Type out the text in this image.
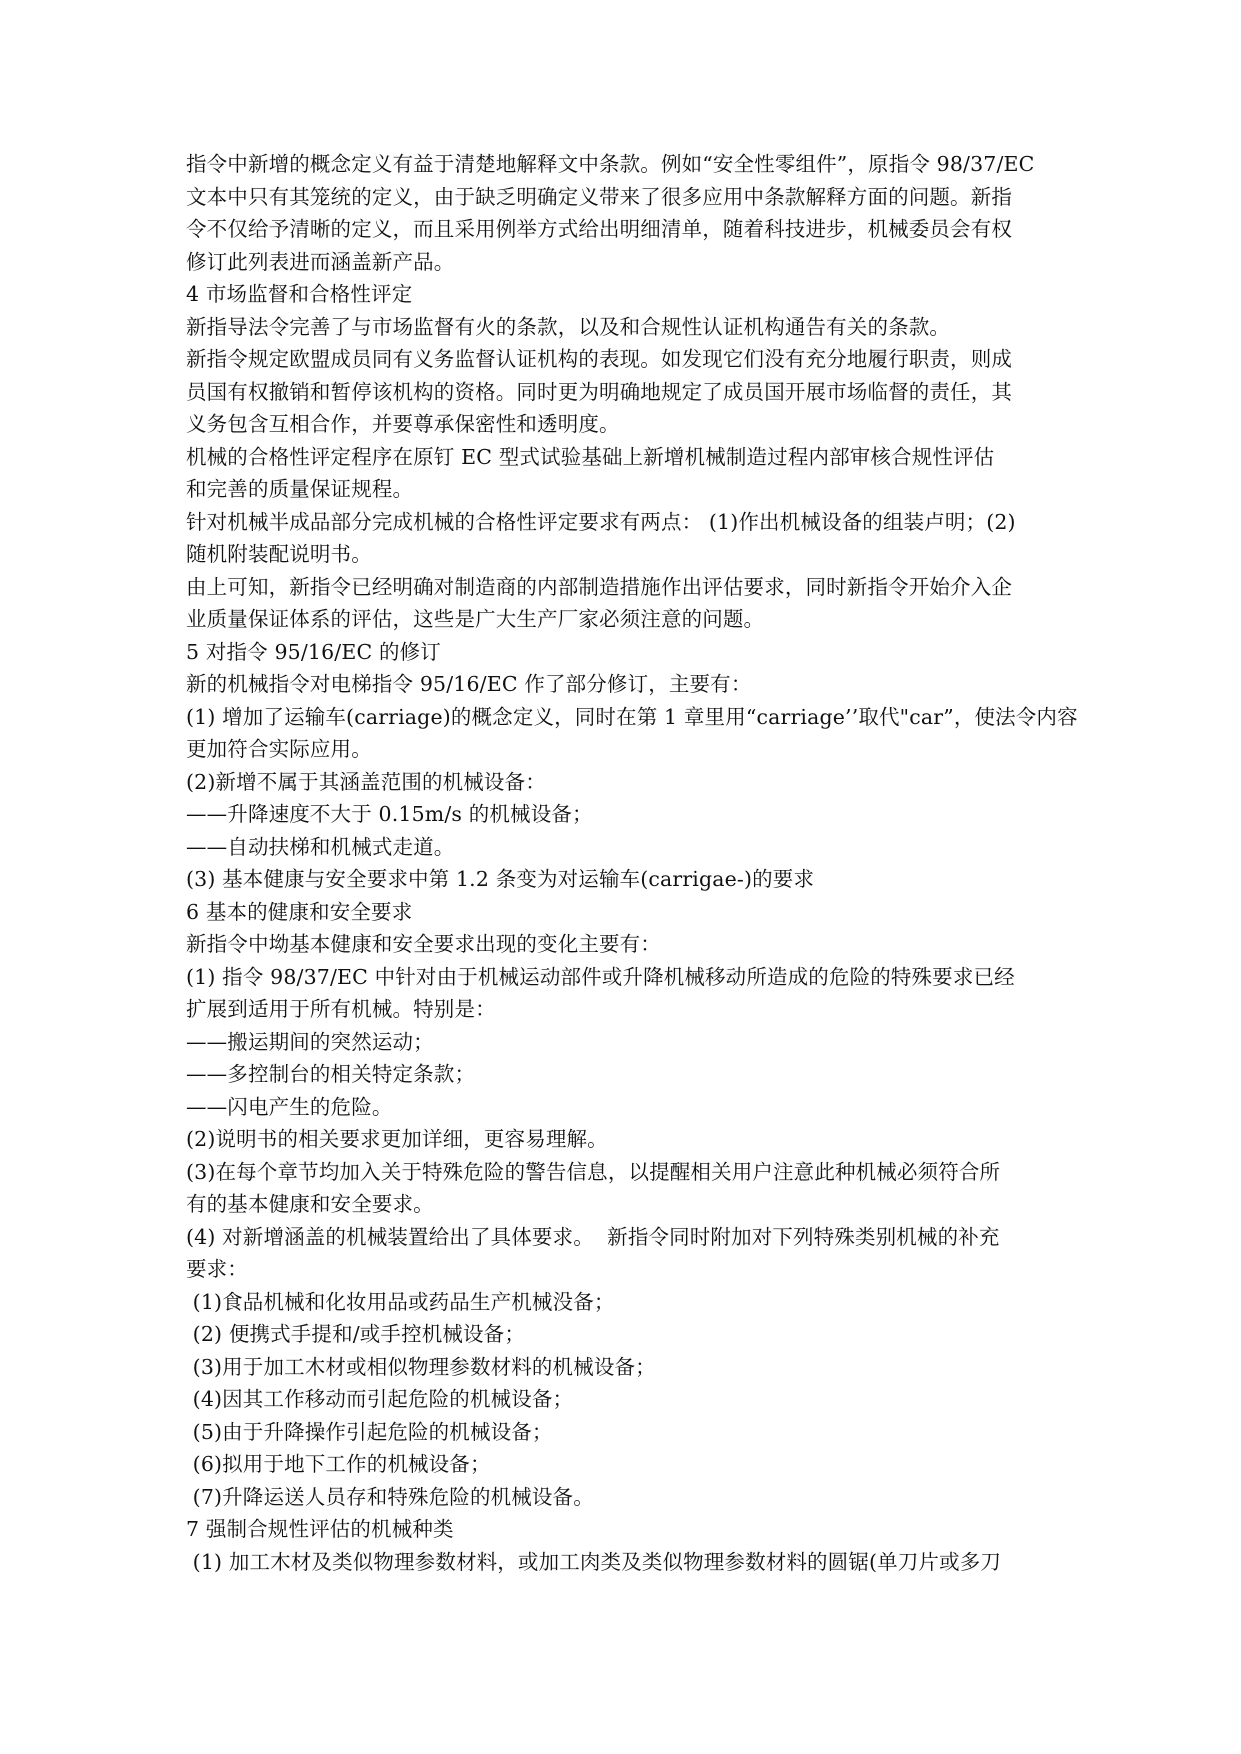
指令中新增的概念定义有益于清楚地解释文中条款。例如“安全性零组件”，原指令 98/37/EC
文本中只有其笼统的定义，由于缺乏明确定义带来了很多应用中条款解释方面的问题。新指
令不仅给予清晰的定义，而且采用例举方式给出明细清单，随着科技进步，机械委员会有权
修订此列表进而涵盖新产品。
4 市场监督和合格性评定
新指导法令完善了与市场监督有火的条款，以及和合规性认证机构通告有关的条款。
新指令规定欧盟成员同有义务监督认证机构的表现。如发现它们没有充分地履行职责，则成
员国有权撤销和暂停该机构的资格。同时更为明确地规定了成员国开展市场临督的责任，其
义务包含互相合作，并要尊承保密性和透明度。
机械的合格性评定程序在原钉 EC 型式试验基础上新增机械制造过程内部审核合规性评估
和完善的质量保证规程。
针对机械半成品部分完成机械的合格性评定要求有两点： (1)作出机械设备的组装卢明；(2)
随机附装配说明书。
由上可知，新指令已经明确对制造商的内部制造措施作出评估要求，同时新指令开始介入企
业质量保证体系的评估，这些是广大生产厂家必须注意的问题。
5 对指令 95/16/EC 的修订
新的机械指令对电梯指令 95/16/EC 作了部分修订，主要有：
(1) 增加了运输车(carriage)的概念定义，同时在第 1 章里用“carriage’’取代"car”，使法令内容
更加符合实际应用。
(2)新增不属于其涵盖范围的机械设备：
——升降速度不大于 0.15m/s 的机械设备；
——自动扶梯和机械式走道。
(3) 基本健康与安全要求中第 1.2 条变为对运输车(carrigae-)的要求
6 基本的健康和安全要求
新指令中坳基本健康和安全要求出现的变化主要有：
(1) 指令 98/37/EC 中针对由于机械运动部件或升降机械移动所造成的危险的特殊要求已经
扩展到适用于所有机械。特别是：
——搬运期间的突然运动；
——多控制台的相关特定条款；
——闪电产生的危险。
(2)说明书的相关要求更加详细，更容易理解。
(3)在每个章节均加入关于特殊危险的警告信息，以提醒相关用户注意此种机械必须符合所
有的基本健康和安全要求。
(4) 对新增涵盖的机械装置给出了具体要求。  新指令同时附加对下列特殊类别机械的补充
要求：
(1)食品机械和化妆用品或药品生产机械没备；
(2) 便携式手提和/或手控机械设备；
(3)用于加工木材或相似物理参数材料的机械设备；
(4)因其工作移动而引起危险的机械设备；
(5)由于升降操作引起危险的机械设备；
(6)拟用于地下工作的机械设备；
(7)升降运送人员存和特殊危险的机械设备。
7 强制合规性评估的机械种类
(1) 加工木材及类似物理参数材料，或加工肉类及类似物理参数材料的圆锯(单刀片或多刀
